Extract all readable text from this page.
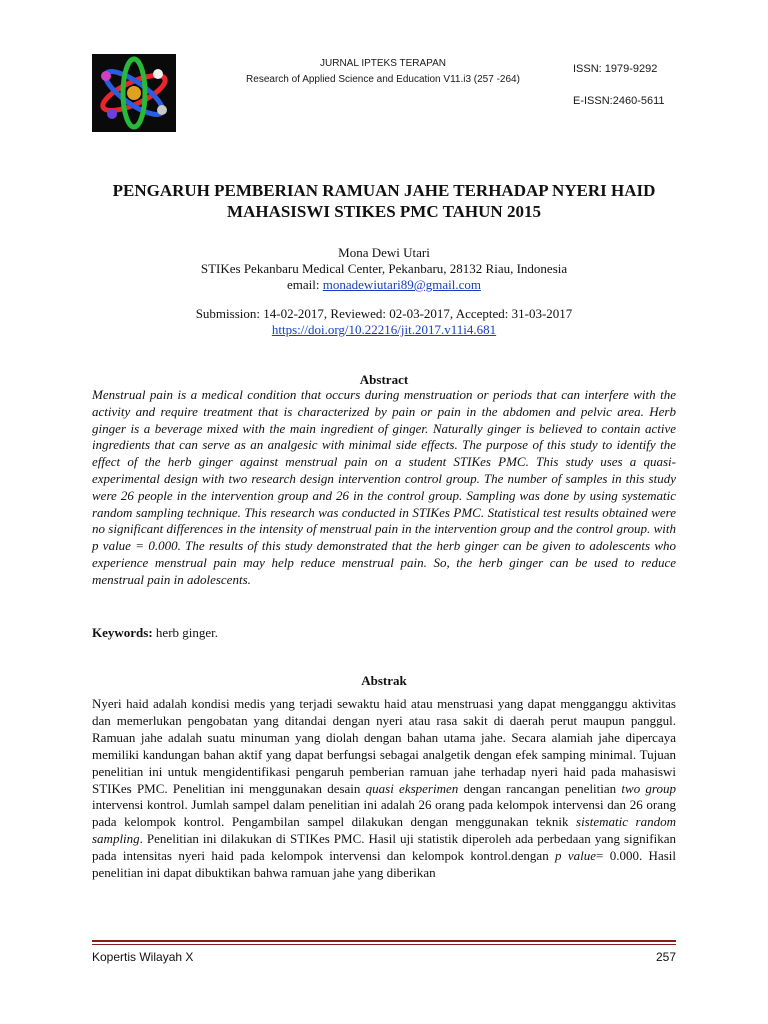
JURNAL IPTEKS TERAPAN
Research of Applied Science and Education V11.i3 (257 -264)
ISSN: 1979-9292
E-ISSN:2460-5611
PENGARUH PEMBERIAN RAMUAN JAHE TERHADAP NYERI HAID
MAHASISWI STIKES PMC TAHUN 2015
Mona Dewi Utari
STIKes Pekanbaru Medical Center, Pekanbaru, 28132 Riau, Indonesia
email: monadewiutari89@gmail.com
Submission: 14-02-2017, Reviewed: 02-03-2017, Accepted: 31-03-2017
https://doi.org/10.22216/jit.2017.v11i4.681
Abstract
Menstrual pain is a medical condition that occurs during menstruation or periods that can interfere with the activity and require treatment that is characterized by pain or pain in the abdomen and pelvic area. Herb ginger is a beverage mixed with the main ingredient of ginger. Naturally ginger is believed to contain active ingredients that can serve as an analgesic with minimal side effects. The purpose of this study to identify the effect of the herb ginger against menstrual pain on a student STIKes PMC. This study uses a quasi-experimental design with two research design intervention control group. The number of samples in this study were 26 people in the intervention group and 26 in the control group. Sampling was done by using systematic random sampling technique. This research was conducted in STIKes PMC. Statistical test results obtained were no significant differences in the intensity of menstrual pain in the intervention group and the control group. with p value = 0.000. The results of this study demonstrated that the herb ginger can be given to adolescents who experience menstrual pain may help reduce menstrual pain. So, the herb ginger can be used to reduce menstrual pain in adolescents.
Keywords: herb ginger.
Abstrak
Nyeri haid adalah kondisi medis yang terjadi sewaktu haid atau menstruasi yang dapat mengganggu aktivitas dan memerlukan pengobatan yang ditandai dengan nyeri atau rasa sakit di daerah perut maupun panggul. Ramuan jahe adalah suatu minuman yang diolah dengan bahan utama jahe. Secara alamiah jahe dipercaya memiliki kandungan bahan aktif yang dapat berfungsi sebagai analgetik dengan efek samping minimal. Tujuan penelitian ini untuk mengidentifikasi pengaruh pemberian ramuan jahe terhadap nyeri haid pada mahasiswi STIKes PMC. Penelitian ini menggunakan desain quasi eksperimen dengan rancangan penelitian two group intervensi kontrol. Jumlah sampel dalam penelitian ini adalah 26 orang pada kelompok intervensi dan 26 orang pada kelompok kontrol. Pengambilan sampel dilakukan dengan menggunakan teknik sistematic random sampling. Penelitian ini dilakukan di STIKes PMC. Hasil uji statistik diperoleh ada perbedaan yang signifikan pada intensitas nyeri haid pada kelompok intervensi dan kelompok kontrol.dengan p value= 0.000. Hasil penelitian ini dapat dibuktikan bahwa ramuan jahe yang diberikan
Kopertis Wilayah X	257
